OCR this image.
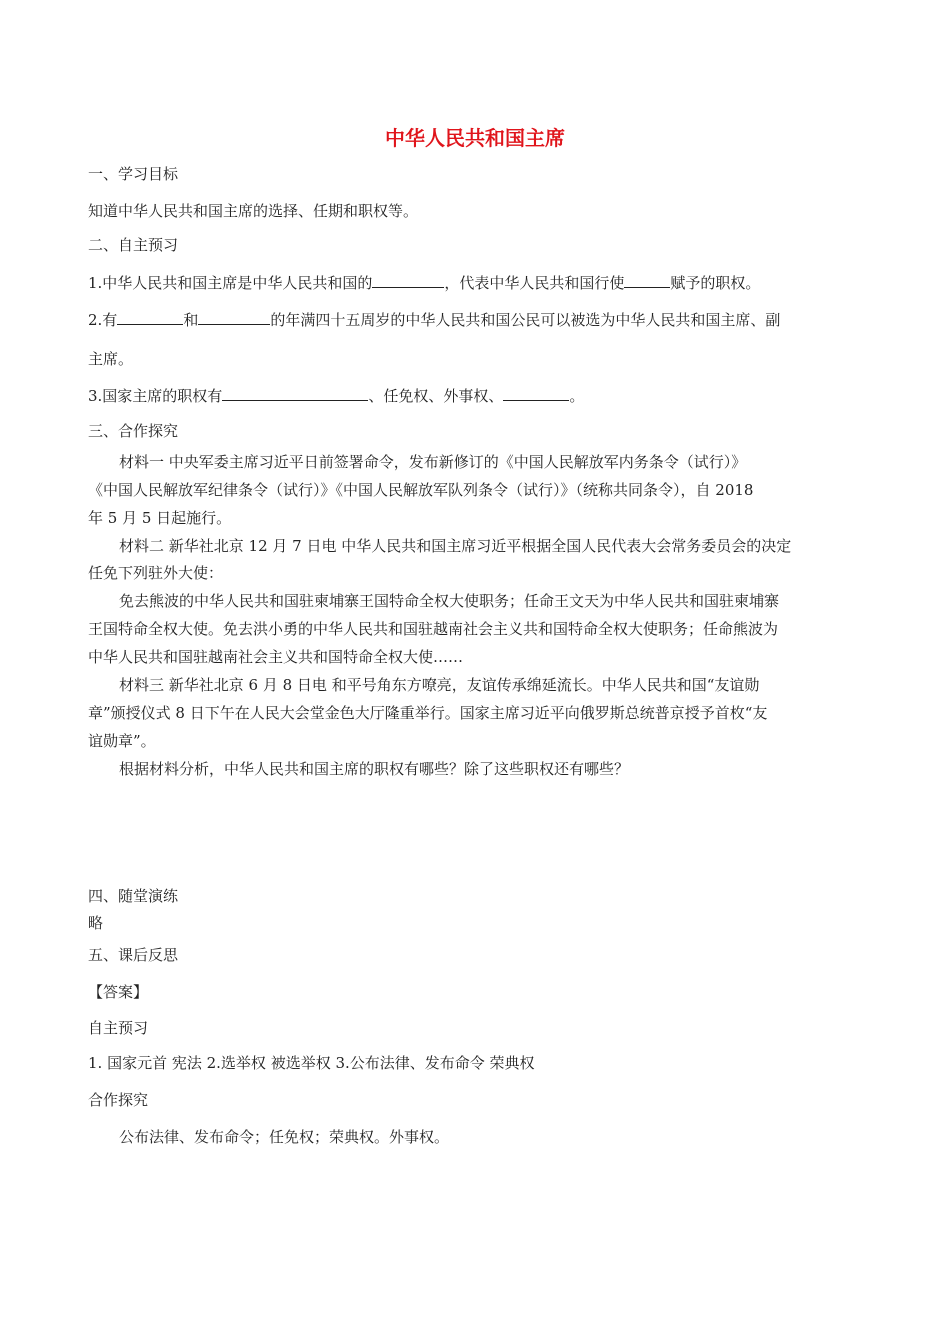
中华人民共和国主席
一、学习目标
知道中华人民共和国主席的选择、任期和职权等。
二、自主预习
1.中华人民共和国主席是中华人民共和国的	，代表中华人民共和国行使	赋予的职权。
2.有	和	的年满四十五周岁的中华人民共和国公民可以被选为中华人民共和国主席、副
主席。
3.国家主席的职权有	、任免权、外事权、	。
三、合作探究
材料一 中央军委主席习近平日前签署命令，发布新修订的《中国人民解放军内务条令（试行）》
《中国人民解放军纪律条令（试行）》《中国人民解放军队列条令（试行）》（统称共同条令），自 2018
年 5 月 5 日起施行。
材料二 新华社北京 12 月 7 日电 中华人民共和国主席习近平根据全国人民代表大会常务委员会的决定
任免下列驻外大使：
免去熊波的中华人民共和国驻柬埔寨王国特命全权大使职务；任命王文天为中华人民共和国驻柬埔寨
王国特命全权大使。免去洪小勇的中华人民共和国驻越南社会主义共和国特命全权大使职务；任命熊波为
中华人民共和国驻越南社会主义共和国特命全权大使……
材料三 新华社北京 6 月 8 日电 和平号角东方嘹亮，友谊传承绵延流长。中华人民共和国“友谊勋
章”颁授仪式 8 日下午在人民大会堂金色大厅隆重举行。国家主席习近平向俄罗斯总统普京授予首枚“友
谊勋章”。
根据材料分析，中华人民共和国主席的职权有哪些？除了这些职权还有哪些？
四、随堂演练
略
五、课后反思
【答案】
自主预习
1. 国家元首 宪法 2.选举权 被选举权 3.公布法律、发布命令 荣典权
合作探究
公布法律、发布命令；任免权；荣典权。外事权。
